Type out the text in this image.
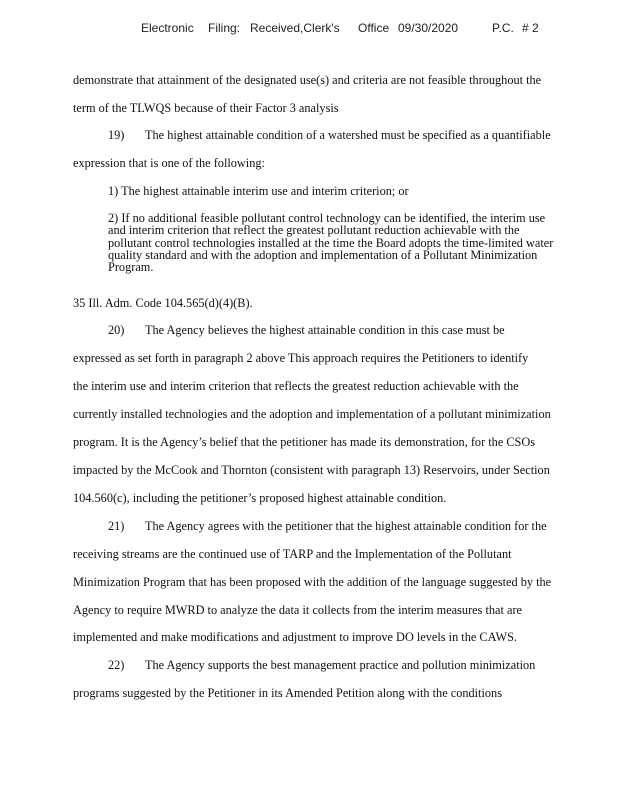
Electronic Filing: Received,Clerk's Office 09/30/2020	P.C. # 2
demonstrate that attainment of the designated use(s) and criteria are not feasible throughout the
term of the TLWQS because of their Factor 3 analysis
19) The highest attainable condition of a watershed must be specified as a quantifiable
expression that is one of the following:
1) The highest attainable interim use and interim criterion; or
2) If no additional feasible pollutant control technology can be identified, the interim use
and interim criterion that reflect the greatest pollutant reduction achievable with the
pollutant control technologies installed at the time the Board adopts the time-limited water
quality standard and with the adoption and implementation of a Pollutant Minimization
Program.
35 Ill. Adm. Code 104.565(d)(4)(B).
20) The Agency believes the highest attainable condition in this case must be
expressed as set forth in paragraph 2 above This approach requires the Petitioners to identify
the interim use and interim criterion that reflects the greatest reduction achievable with the
currently installed technologies and the adoption and implementation of a pollutant minimization
program. It is the Agency’s belief that the petitioner has made its demonstration, for the CSOs
impacted by the McCook and Thornton (consistent with paragraph 13) Reservoirs, under Section
104.560(c), including the petitioner’s proposed highest attainable condition.
21) The Agency agrees with the petitioner that the highest attainable condition for the
receiving streams are the continued use of TARP and the Implementation of the Pollutant
Minimization Program that has been proposed with the addition of the language suggested by the
Agency to require MWRD to analyze the data it collects from the interim measures that are
implemented and make modifications and adjustment to improve DO levels in the CAWS.
22) The Agency supports the best management practice and pollution minimization
programs suggested by the Petitioner in its Amended Petition along with the conditions
